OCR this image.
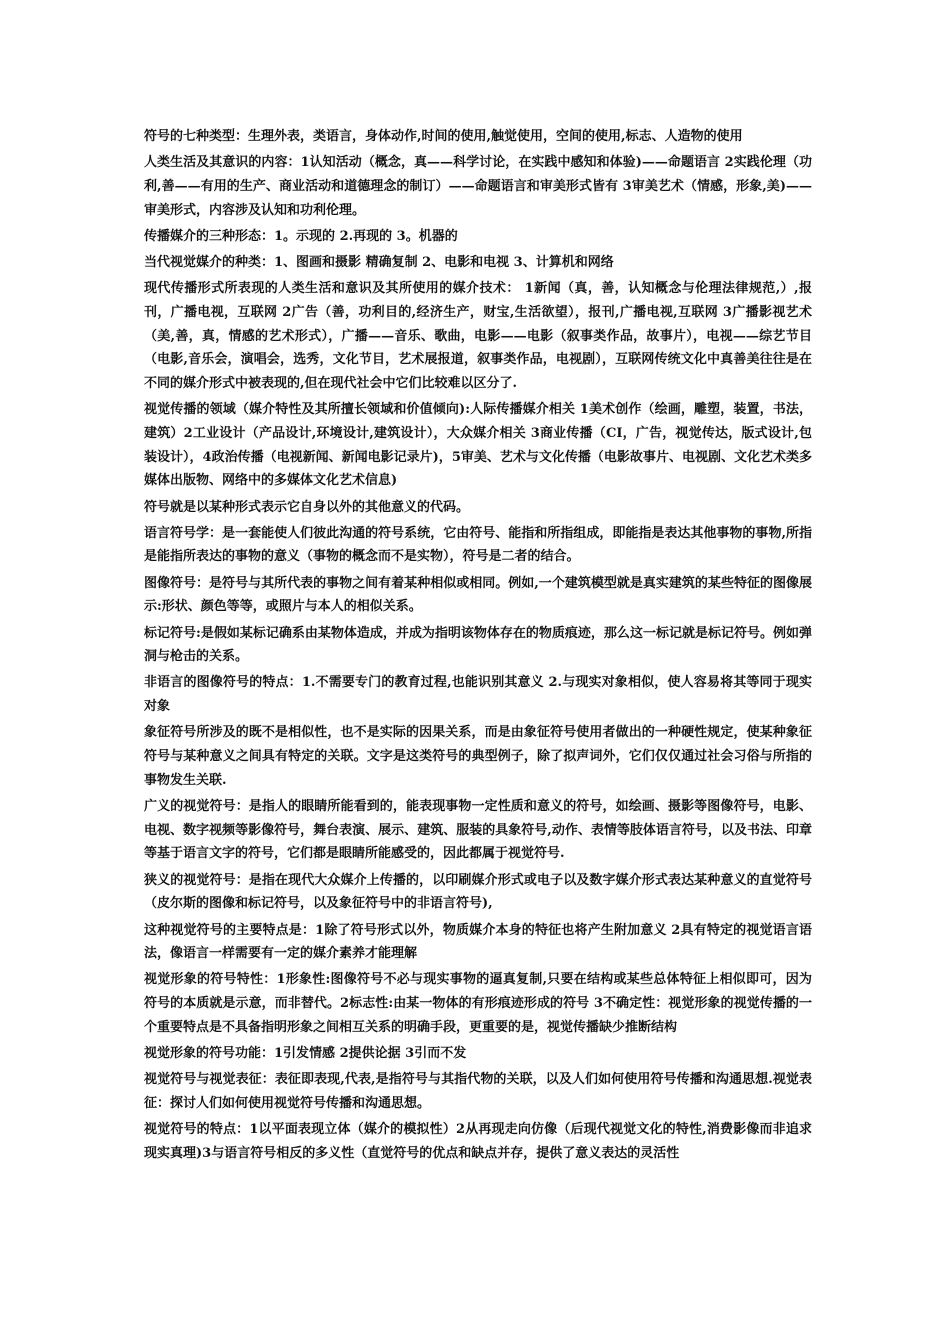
符号的七种类型：生理外表，类语言，身体动作,时间的使用,触觉使用，空间的使用,标志、人造物的使用

人类生活及其意识的内容：1认知活动（概念，真——科学讨论，在实践中感知和体验)——命题语言 2实践伦理（功利,善——有用的生产、商业活动和道德理念的制订）——命题语言和审美形式皆有 3审美艺术（情感，形象,美)——审美形式，内容涉及认知和功利伦理。

传播媒介的三种形态：1。示现的 2.再现的 3。机器的

当代视觉媒介的种类：1、图画和摄影 精确复制 2、电影和电视 3、计算机和网络

现代传播形式所表现的人类生活和意识及其所使用的媒介技术： 1新闻（真，善，认知概念与伦理法律规范,）,报刊，广播电视，互联网 2广告（善，功利目的,经济生产，财宝,生活欲望），报刊,广播电视,互联网 3广播影视艺术（美,善，真，情感的艺术形式），广播——音乐、歌曲，电影——电影（叙事类作品，故事片），电视——综艺节目（电影,音乐会，演唱会，选秀，文化节目，艺术展报道，叙事类作品，电视剧），互联网传统文化中真善美往往是在不同的媒介形式中被表现的,但在现代社会中它们比较难以区分了.

视觉传播的领域（媒介特性及其所擅长领域和价值倾向):人际传播媒介相关 1美术创作（绘画，雕塑，装置，书法，建筑）2工业设计（产品设计,环境设计,建筑设计），大众媒介相关 3商业传播（CI，广告，视觉传达，版式设计,包装设计），4政治传播（电视新闻、新闻电影记录片)，5审美、艺术与文化传播（电影故事片、电视剧、文化艺术类多媒体出版物、网络中的多媒体文化艺术信息)

符号就是以某种形式表示它自身以外的其他意义的代码。

语言符号学：是一套能使人们彼此沟通的符号系统，它由符号、能指和所指组成，即能指是表达其他事物的事物,所指是能指所表达的事物的意义（事物的概念而不是实物），符号是二者的结合。

图像符号：是符号与其所代表的事物之间有着某种相似或相同。例如,一个建筑模型就是真实建筑的某些特征的图像展示:形状、颜色等等，或照片与本人的相似关系。

标记符号:是假如某标记确系由某物体造成，并成为指明该物体存在的物质痕迹，那么这一标记就是标记符号。例如弹洞与枪击的关系。

非语言的图像符号的特点：1.不需要专门的教育过程,也能识别其意义 2.与现实对象相似，使人容易将其等同于现实对象

象征符号所涉及的既不是相似性，也不是实际的因果关系，而是由象征符号使用者做出的一种硬性规定，使某种象征符号与某种意义之间具有特定的关联。文字是这类符号的典型例子，除了拟声词外，它们仅仅通过社会习俗与所指的事物发生关联.

广义的视觉符号：是指人的眼睛所能看到的，能表现事物一定性质和意义的符号，如绘画、摄影等图像符号，电影、电视、数字视频等影像符号，舞台表演、展示、建筑、服装的具象符号,动作、表情等肢体语言符号，以及书法、印章等基于语言文字的符号，它们都是眼睛所能感受的，因此都属于视觉符号.

狭义的视觉符号：是指在现代大众媒介上传播的，以印刷媒介形式或电子以及数字媒介形式表达某种意义的直觉符号（皮尔斯的图像和标记符号，以及象征符号中的非语言符号),

这种视觉符号的主要特点是：1除了符号形式以外，物质媒介本身的特征也将产生附加意义 2具有特定的视觉语言语法，像语言一样需要有一定的媒介素养才能理解

视觉形象的符号特性：1形象性:图像符号不必与现实事物的逼真复制,只要在结构或某些总体特征上相似即可，因为符号的本质就是示意，而非替代。2标志性:由某一物体的有形痕迹形成的符号 3不确定性：视觉形象的视觉传播的一个重要特点是不具备指明形象之间相互关系的明确手段，更重要的是，视觉传播缺少推断结构

视觉形象的符号功能：1引发情感 2提供论据 3引而不发

视觉符号与视觉表征：表征即表现,代表,是指符号与其指代物的关联，以及人们如何使用符号传播和沟通思想.视觉表征：探讨人们如何使用视觉符号传播和沟通思想。

视觉符号的特点：1以平面表现立体（媒介的模拟性）2从再现走向仿像（后现代视觉文化的特性,消费影像而非追求现实真理)3与语言符号相反的多义性（直觉符号的优点和缺点并存，提供了意义表达的灵活性
